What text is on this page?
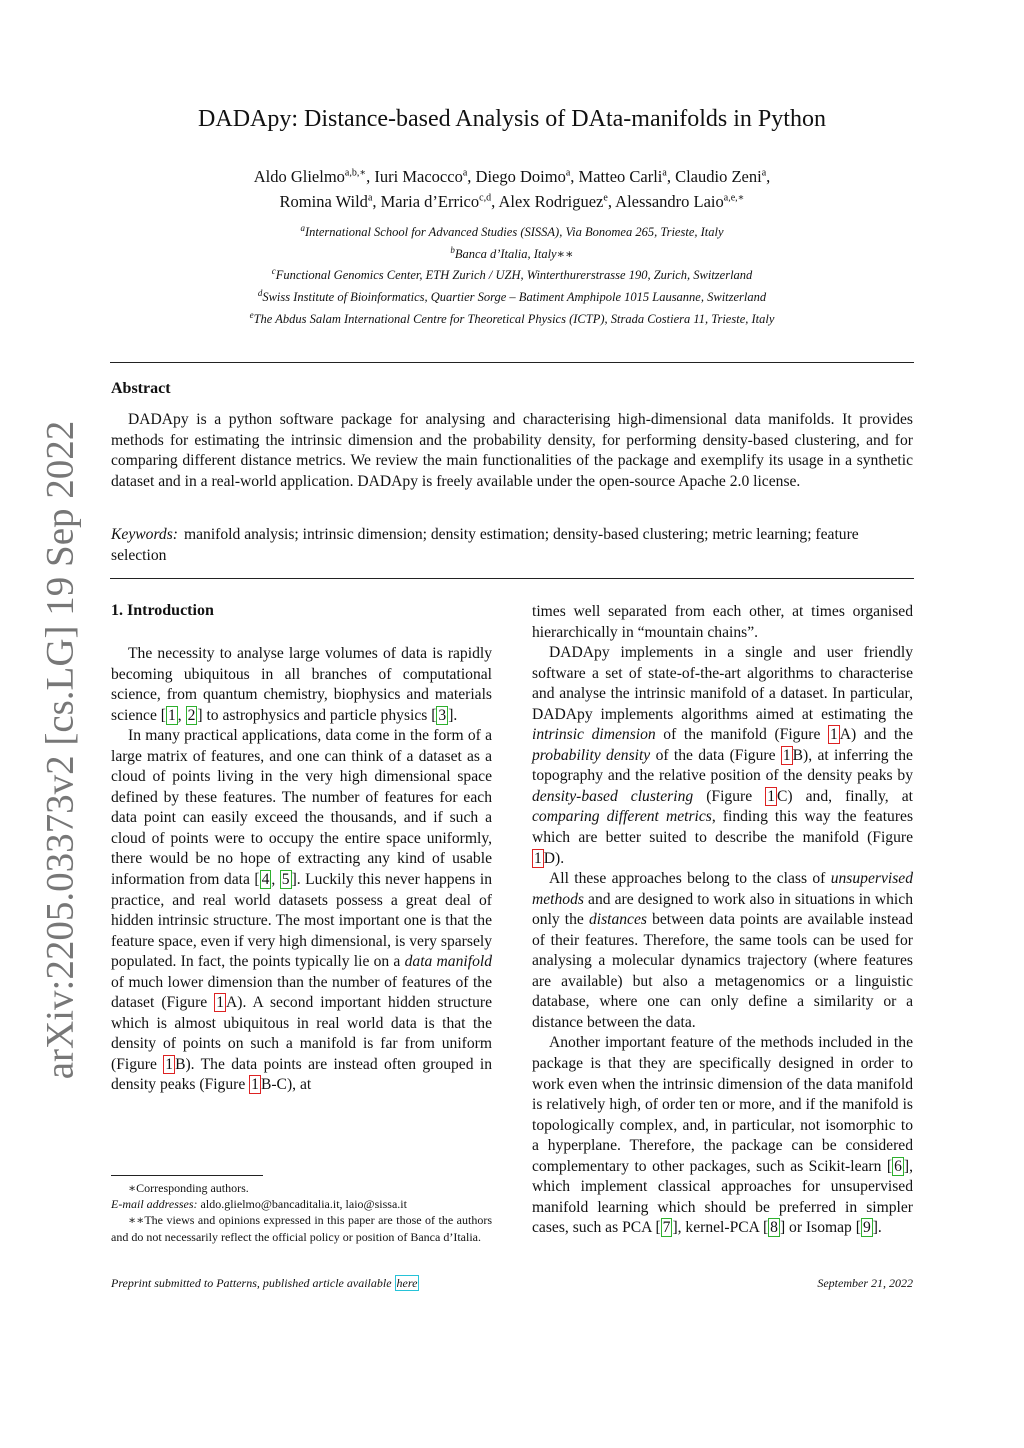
arXiv:2205.03373v2 [cs.LG] 19 Sep 2022
DADApy: Distance-based Analysis of DAta-manifolds in Python
Aldo Glielmo$^{a,b,∗}$, Iuri Macocco$^a$, Diego Doimo$^a$, Matteo Carli$^a$, Claudio Zeni$^a$,
Romina Wild$^a$, Maria d’Errico$^{c,d}$, Alex Rodriguez$^e$, Alessandro Laio$^{a,e,∗}$
$^a$International School for Advanced Studies (SISSA), Via Bonomea 265, Trieste, Italy
$^b$Banca d’Italia, Italy∗∗
$^c$Functional Genomics Center, ETH Zurich / UZH, Winterthurerstrasse 190, Zurich, Switzerland
$^d$Swiss Institute of Bioinformatics, Quartier Sorge – Batiment Amphipole 1015 Lausanne, Switzerland
$^e$The Abdus Salam International Centre for Theoretical Physics (ICTP), Strada Costiera 11, Trieste, Italy
Abstract
DADApy is a python software package for analysing and characterising high-dimensional data manifolds. It provides methods for estimating the intrinsic dimension and the probability density, for performing density-based clustering, and for comparing different distance metrics. We review the main functionalities of the package and exemplify its usage in a synthetic dataset and in a real-world application. DADApy is freely available under the open-source Apache 2.0 license.
Keywords: manifold analysis; intrinsic dimension; density estimation; density-based clustering; metric learning; feature selection
1. Introduction

The necessity to analyse large volumes of data is rapidly becoming ubiquitous in all branches of computational science, from quantum chemistry, biophysics and materials science [ 1 , 2 ] to astrophysics and particle physics [ 3 ].

In many practical applications, data come in the form of a large matrix of features, and one can think of a dataset as a cloud of points living in the very high dimensional space defined by these features. The number of features for each data point can easily exceed the thousands, and if such a cloud of points were to occupy the entire space uniformly, there would be no hope of extracting any kind of usable information from data [ 4 , 5 ]. Luckily this never happens in practice, and real world datasets possess a great deal of hidden intrinsic structure. The most important one is that the feature space, even if very high dimensional, is very sparsely populated. In fact, the points typically lie on a data manifold of much lower dimension than the number of features of the dataset (Figure 1 A). A second important hidden structure which is almost ubiquitous in real world data is that the density of points on such a manifold is far from uniform (Figure 1 B). The data points are instead often grouped in density peaks (Figure 1 B-C), at

times well separated from each other, at times organised hierarchically in “mountain chains”.

DADApy implements in a single and user friendly software a set of state-of-the-art algorithms to characterise and analyse the intrinsic manifold of a dataset. In particular, DADApy implements algorithms aimed at estimating the intrinsic dimension of the manifold (Figure 1 A) and the probability density of the data (Figure 1 B), at inferring the topography and the relative position of the density peaks by density-based clustering (Figure 1 C) and, finally, at comparing different metrics, finding this way the features which are better suited to describe the manifold (Figure 1 D).

All these approaches belong to the class of unsupervised methods and are designed to work also in situations in which only the distances between data points are available instead of their features. Therefore, the same tools can be used for analysing a molecular dynamics trajectory (where features are available) but also a metagenomics or a linguistic database, where one can only define a similarity or a distance between the data.

Another important feature of the methods included in the package is that they are specifically designed in order to work even when the intrinsic dimension of the data manifold is relatively high, of order ten or more, and if the manifold is topologically complex, and, in particular, not isomorphic to a hyperplane. Therefore, the package can be considered complementary to other packages, such as Scikit-learn [ 6 ], which implement classical approaches for unsupervised manifold learning which should be preferred in simpler cases, such as PCA [ 7 ], kernel-PCA [ 8 ] or Isomap [ 9 ].

∗Corresponding authors.
E-mail addresses: aldo.glielmo@bancaditalia.it, laio@sissa.it
∗∗The views and opinions expressed in this paper are those of the authors and do not necessarily reflect the official policy or position of Banca d’Italia.
Preprint submitted to Patterns, published article available here	September 21, 2022
